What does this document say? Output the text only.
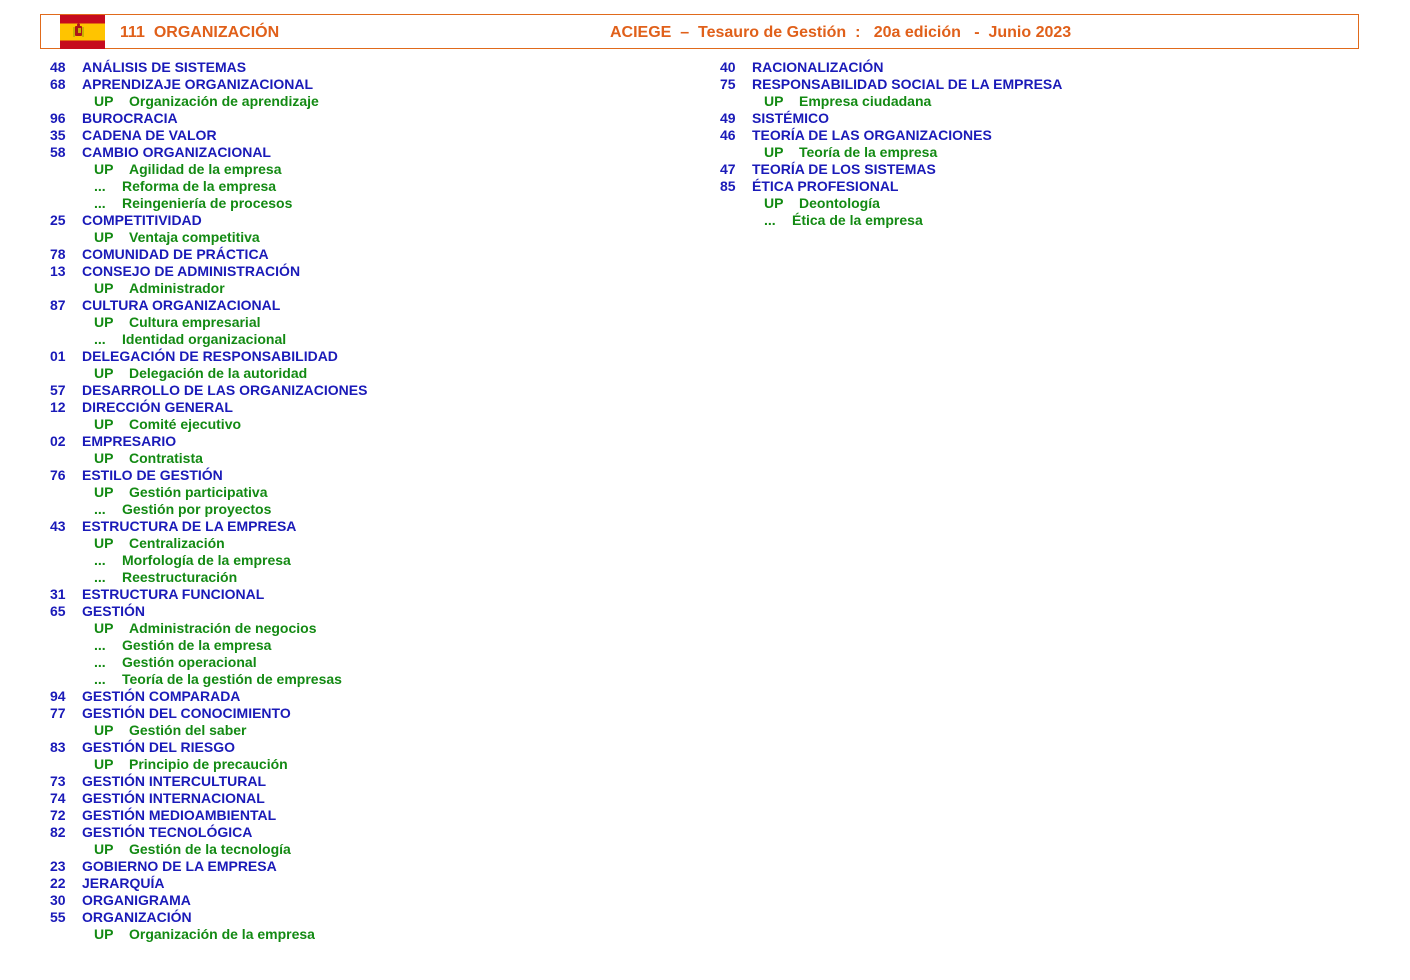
111  ORGANIZACIÓN	ACIEGE  –  Tesauro de Gestión  :   20a edición   -  Junio 2023
48 ANÁLISIS DE SISTEMAS
68 APRENDIZAJE ORGANIZACIONAL
UP Organización de aprendizaje
96 BUROCRACIA
35 CADENA DE VALOR
58 CAMBIO ORGANIZACIONAL
UP Agilidad de la empresa
... Reforma de la empresa
... Reingeniería de procesos
25 COMPETITIVIDAD
UP Ventaja competitiva
78 COMUNIDAD DE PRÁCTICA
13 CONSEJO DE ADMINISTRACIÓN
UP Administrador
87 CULTURA ORGANIZACIONAL
UP Cultura empresarial
... Identidad organizacional
01 DELEGACIÓN DE RESPONSABILIDAD
UP Delegación de la autoridad
57 DESARROLLO DE LAS ORGANIZACIONES
12 DIRECCIÓN GENERAL
UP Comité ejecutivo
02 EMPRESARIO
UP Contratista
76 ESTILO DE GESTIÓN
UP Gestión participativa
... Gestión por proyectos
43 ESTRUCTURA DE LA EMPRESA
UP Centralización
... Morfología de la empresa
... Reestructuración
31 ESTRUCTURA FUNCIONAL
65 GESTIÓN
UP Administración de negocios
... Gestión de la empresa
... Gestión operacional
... Teoría de la gestión de empresas
94 GESTIÓN COMPARADA
77 GESTIÓN DEL CONOCIMIENTO
UP Gestión del saber
83 GESTIÓN DEL RIESGO
UP Principio de precaución
73 GESTIÓN INTERCULTURAL
74 GESTIÓN INTERNACIONAL
72 GESTIÓN MEDIOAMBIENTAL
82 GESTIÓN TECNOLÓGICA
UP Gestión de la tecnología
23 GOBIERNO DE LA EMPRESA
22 JERARQUÍA
30 ORGANIGRAMA
55 ORGANIZACIÓN
UP Organización de la empresa
40 RACIONALIZACIÓN
75 RESPONSABILIDAD SOCIAL DE LA EMPRESA
UP Empresa ciudadana
49 SISTÉMICO
46 TEORÍA DE LAS ORGANIZACIONES
UP Teoría de la empresa
47 TEORÍA DE LOS SISTEMAS
85 ÉTICA PROFESIONAL
UP Deontología
... Ética de la empresa
